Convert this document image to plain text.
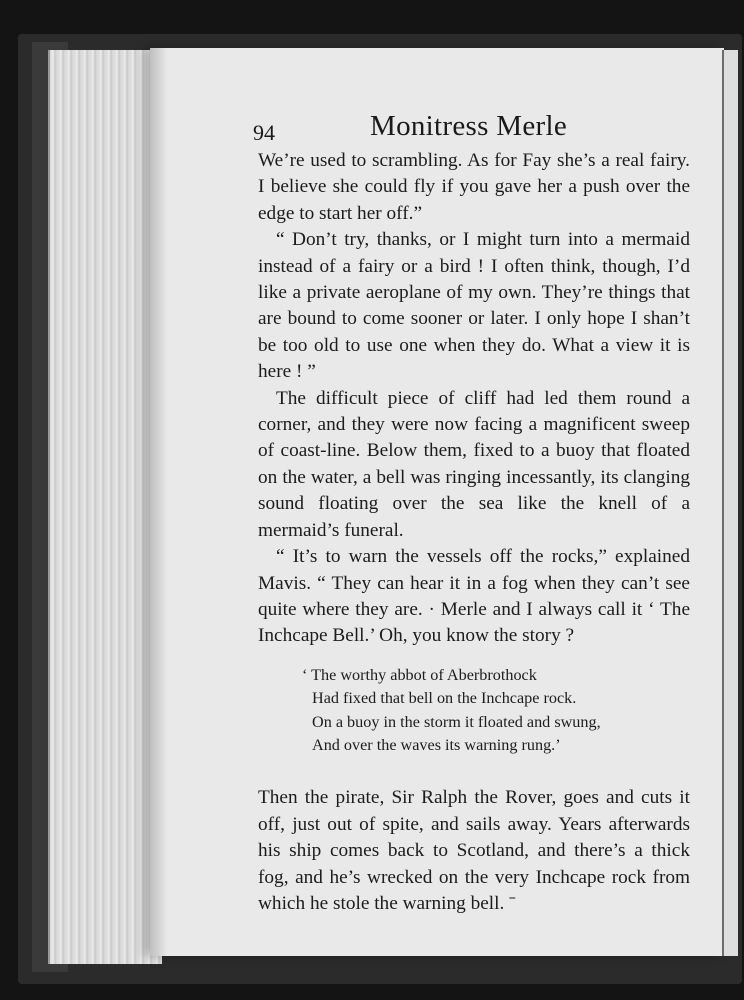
94	Monitress Merle

We’re used to scrambling. As for Fay she’s a real fairy. I believe she could fly if you gave her a push over the edge to start her off.”

“ Don’t try, thanks, or I might turn into a mermaid instead of a fairy or a bird ! I often think, though, I’d like a private aeroplane of my own. They’re things that are bound to come sooner or later. I only hope I shan’t be too old to use one when they do. What a view it is here ! ”

The difficult piece of cliff had led them round a corner, and they were now facing a magnificent sweep of coast-line. Below them, fixed to a buoy that floated on the water, a bell was ringing incessantly, its clanging sound floating over the sea like the knell of a mermaid’s funeral.

“ It’s to warn the vessels off the rocks,” explained Mavis. “ They can hear it in a fog when they can’t see quite where they are. · Merle and I always call it ‘ The Inchcape Bell.’ Oh, you know the story ?

‘ The worthy abbot of Aberbrothock
Had fixed that bell on the Inchcape rock.
On a buoy in the storm it floated and swung,
And over the waves its warning rung.’

Then the pirate, Sir Ralph the Rover, goes and cuts it off, just out of spite, and sails away. Years afterwards his ship comes back to Scotland, and there’s a thick fog, and he’s wrecked on the very Inchcape rock from which he stole the warning bell. ˉ
